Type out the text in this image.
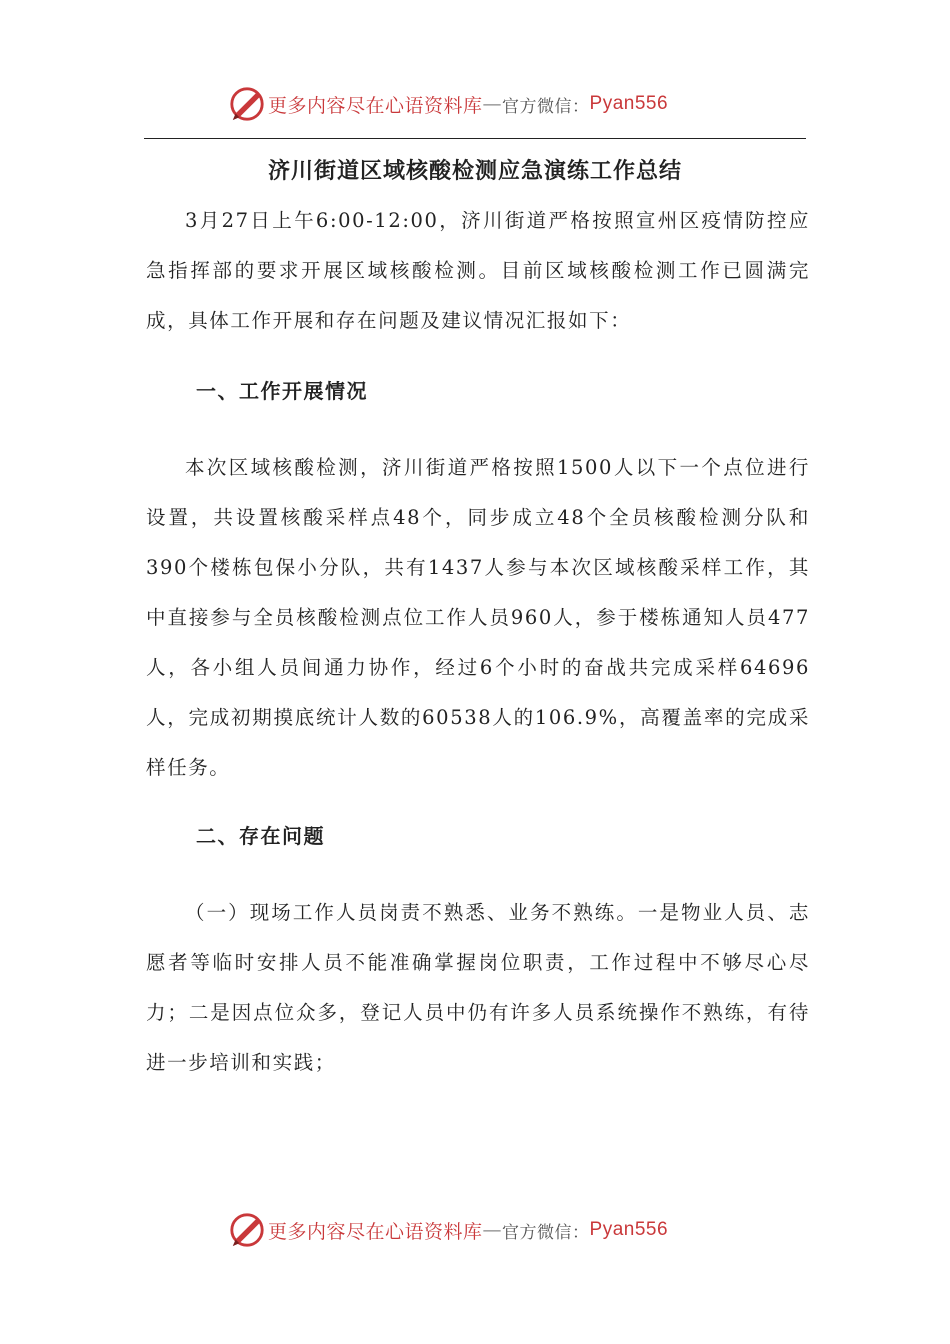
更多内容尽在心语资料库 — 官方微信： Pyan556
济川街道区域核酸检测应急演练工作总结

3月27日上午6:00-12:00，济川街道严格按照宣州区疫情防控应急指挥部的要求开展区域核酸检测。目前区域核酸检测工作已圆满完成，具体工作开展和存在问题及建议情况汇报如下：

一、工作开展情况

本次区域核酸检测，济川街道严格按照1500人以下一个点位进行设置，共设置核酸采样点48个，同步成立48个全员核酸检测分队和390个楼栋包保小分队，共有1437人参与本次区域核酸采样工作，其中直接参与全员核酸检测点位工作人员960人，参于楼栋通知人员477人，各小组人员间通力协作，经过6个小时的奋战共完成采样64696人，完成初期摸底统计人数的60538人的106.9%，高覆盖率的完成采样任务。

二、存在问题

（一）现场工作人员岗责不熟悉、业务不熟练。一是物业人员、志愿者等临时安排人员不能准确掌握岗位职责，工作过程中不够尽心尽力；二是因点位众多，登记人员中仍有许多人员系统操作不熟练，有待进一步培训和实践；

更多内容尽在心语资料库 — 官方微信： Pyan556
